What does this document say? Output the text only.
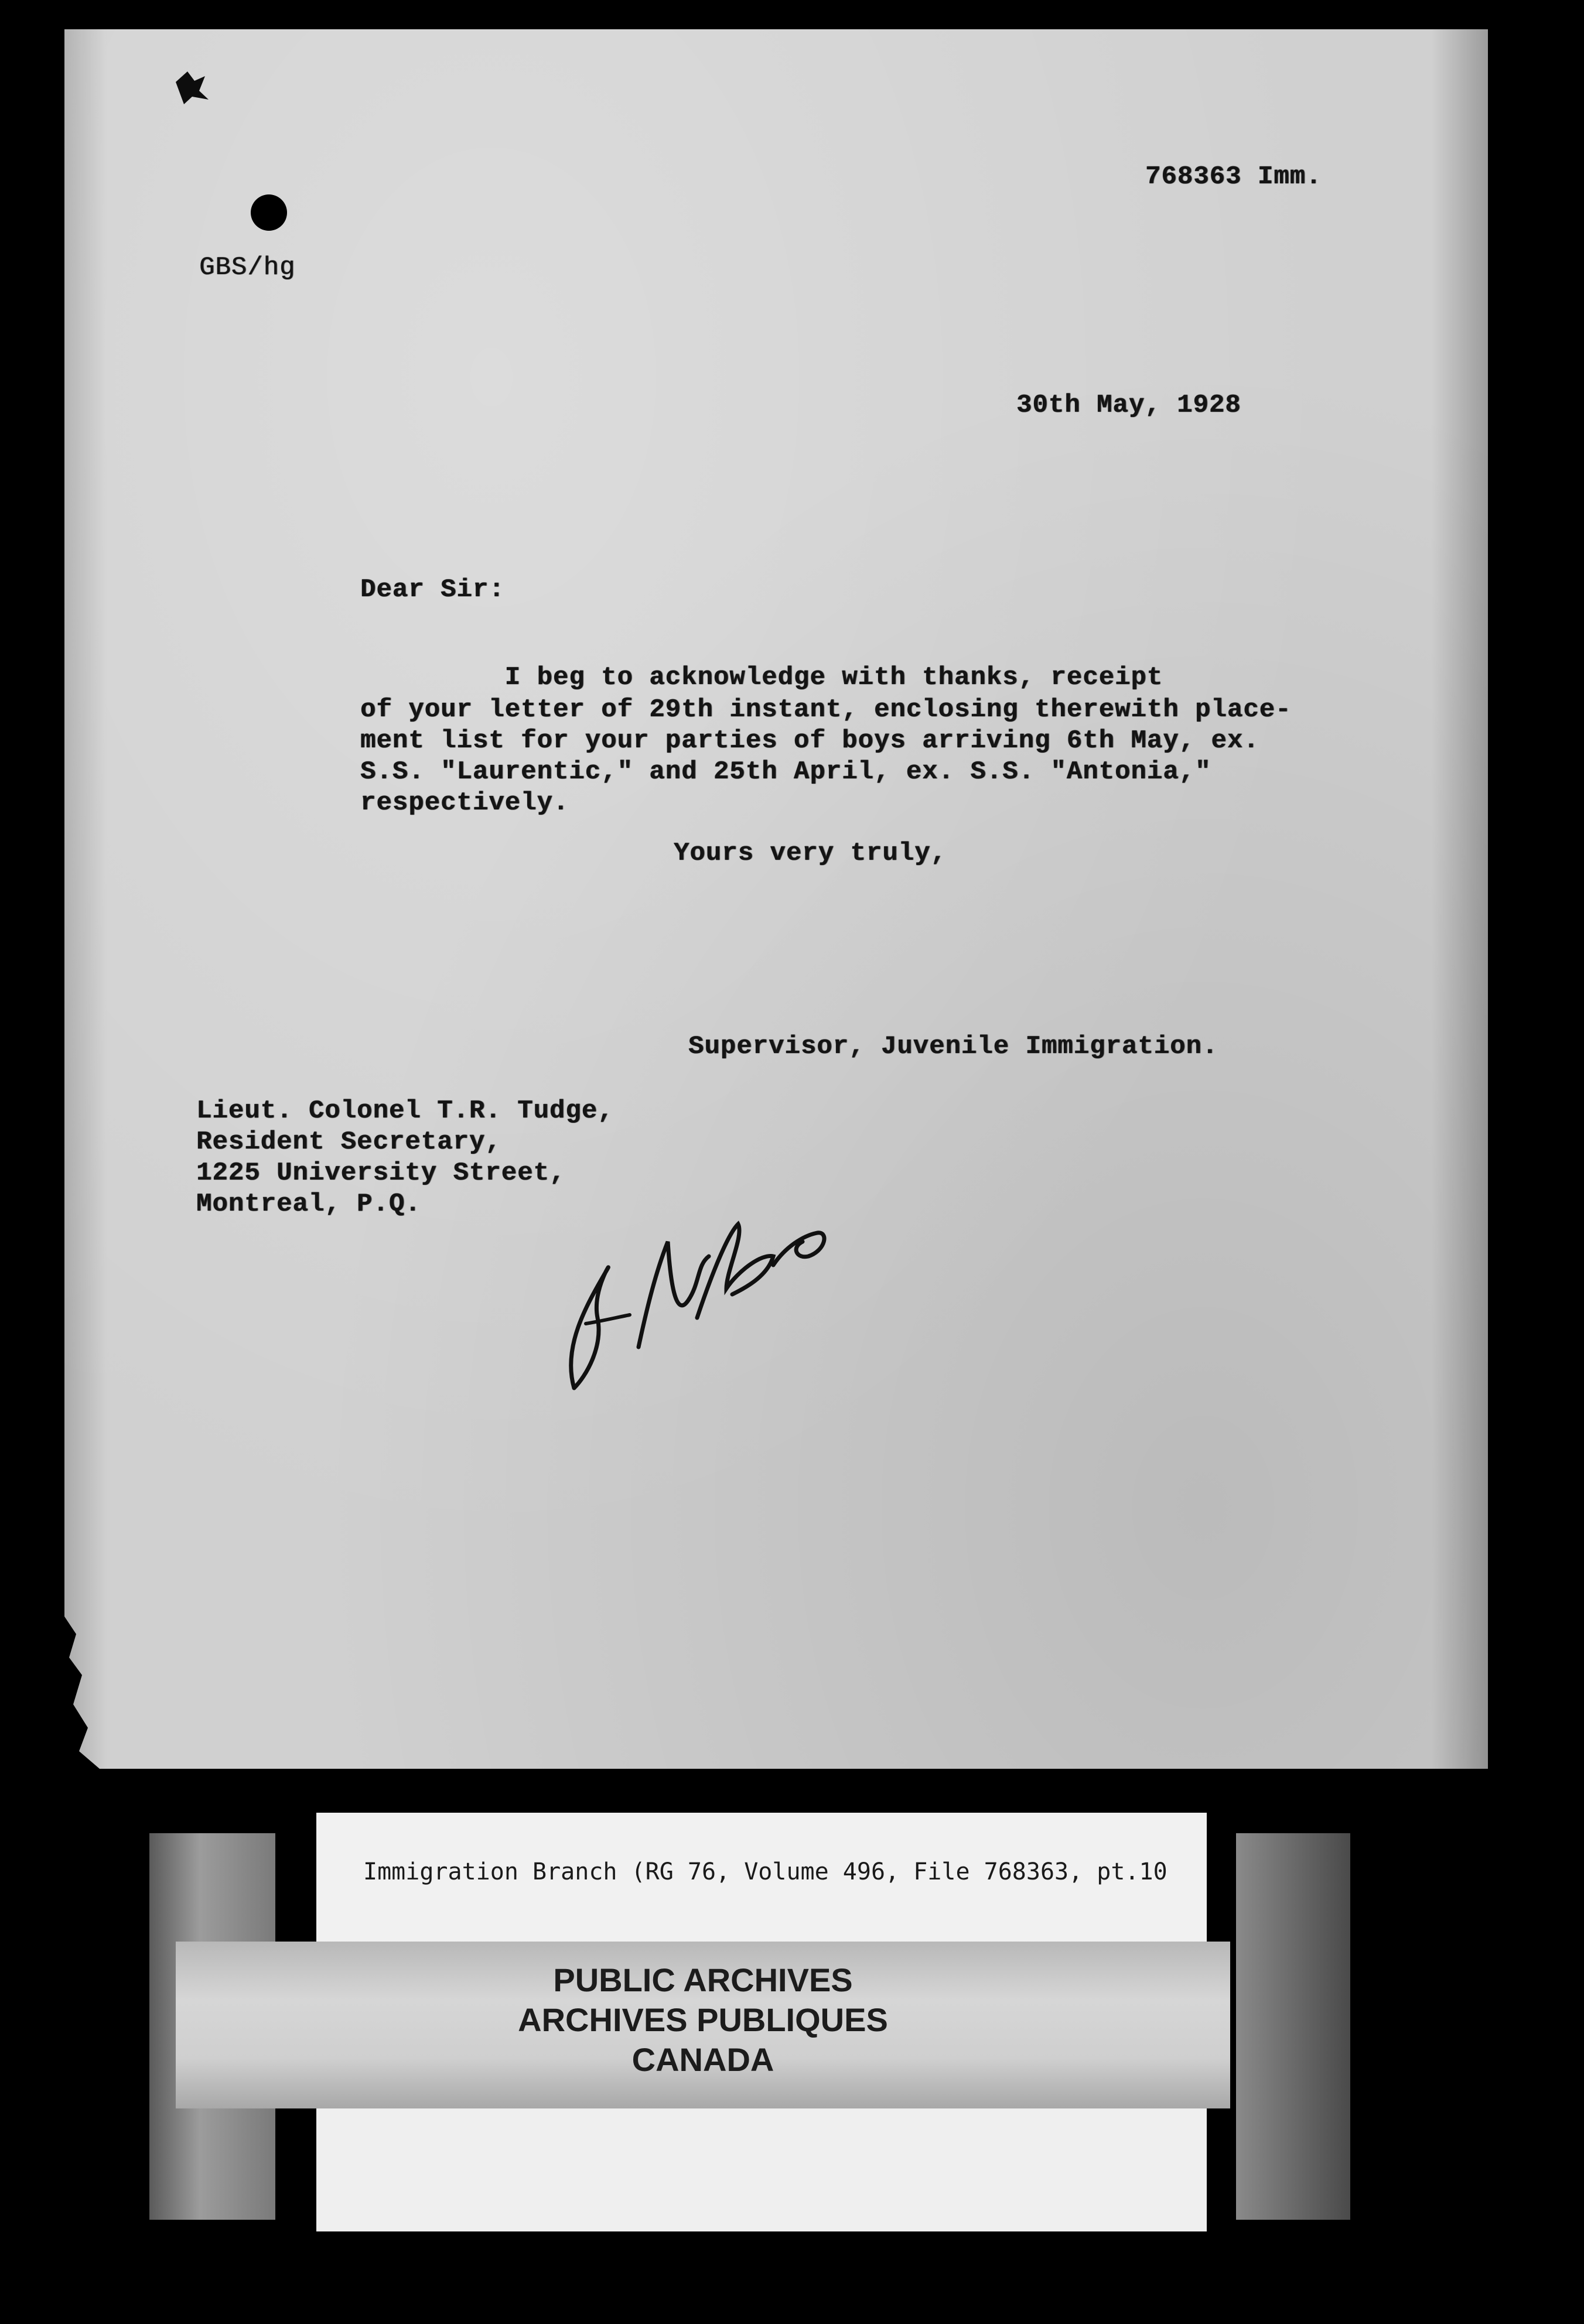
768363 Imm.
GBS/hg
30th May, 1928
Dear Sir:
I beg to acknowledge with thanks, receipt
of your letter of 29th instant, enclosing therewith place-
ment list for your parties of boys arriving 6th May, ex.
S.S. "Laurentic," and 25th April, ex. S.S. "Antonia,"
respectively.
Yours very truly,
Supervisor, Juvenile Immigration.
Lieut. Colonel T.R. Tudge,
Resident Secretary,
1225 University Street,
Montreal, P.Q.
Immigration Branch (RG 76, Volume 496, File 768363, pt.10
PUBLIC ARCHIVES
ARCHIVES PUBLIQUES
CANADA
